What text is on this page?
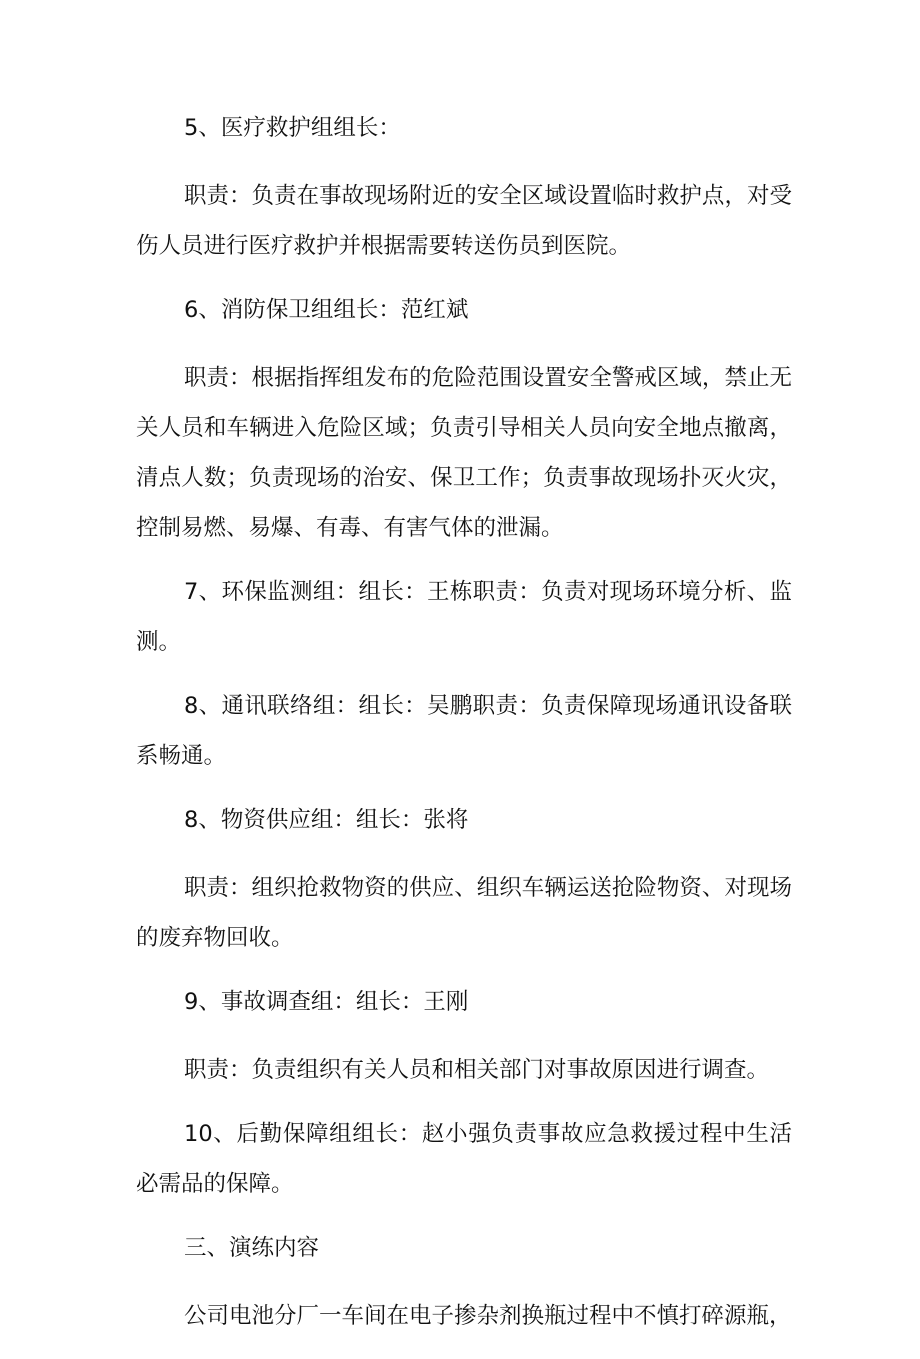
5、医疗救护组组长：

职责：负责在事故现场附近的安全区域设置临时救护点，对受伤人员进行医疗救护并根据需要转送伤员到医院。

6、消防保卫组组长：范红斌

职责：根据指挥组发布的危险范围设置安全警戒区域，禁止无关人员和车辆进入危险区域；负责引导相关人员向安全地点撤离，清点人数；负责现场的治安、保卫工作；负责事故现场扑灭火灾，控制易燃、易爆、有毒、有害气体的泄漏。

7、环保监测组：组长：王栋职责：负责对现场环境分析、监测。

8、通讯联络组：组长：吴鹏职责：负责保障现场通讯设备联系畅通。

8、物资供应组：组长：张将

职责：组织抢救物资的供应、组织车辆运送抢险物资、对现场的废弃物回收。

9、事故调查组：组长：王刚

职责：负责组织有关人员和相关部门对事故原因进行调查。

10、后勤保障组组长：赵小强负责事故应急救援过程中生活必需品的保障。

三、演练内容

公司电池分厂一车间在电子掺杂剂换瓶过程中不慎打碎源瓶，
